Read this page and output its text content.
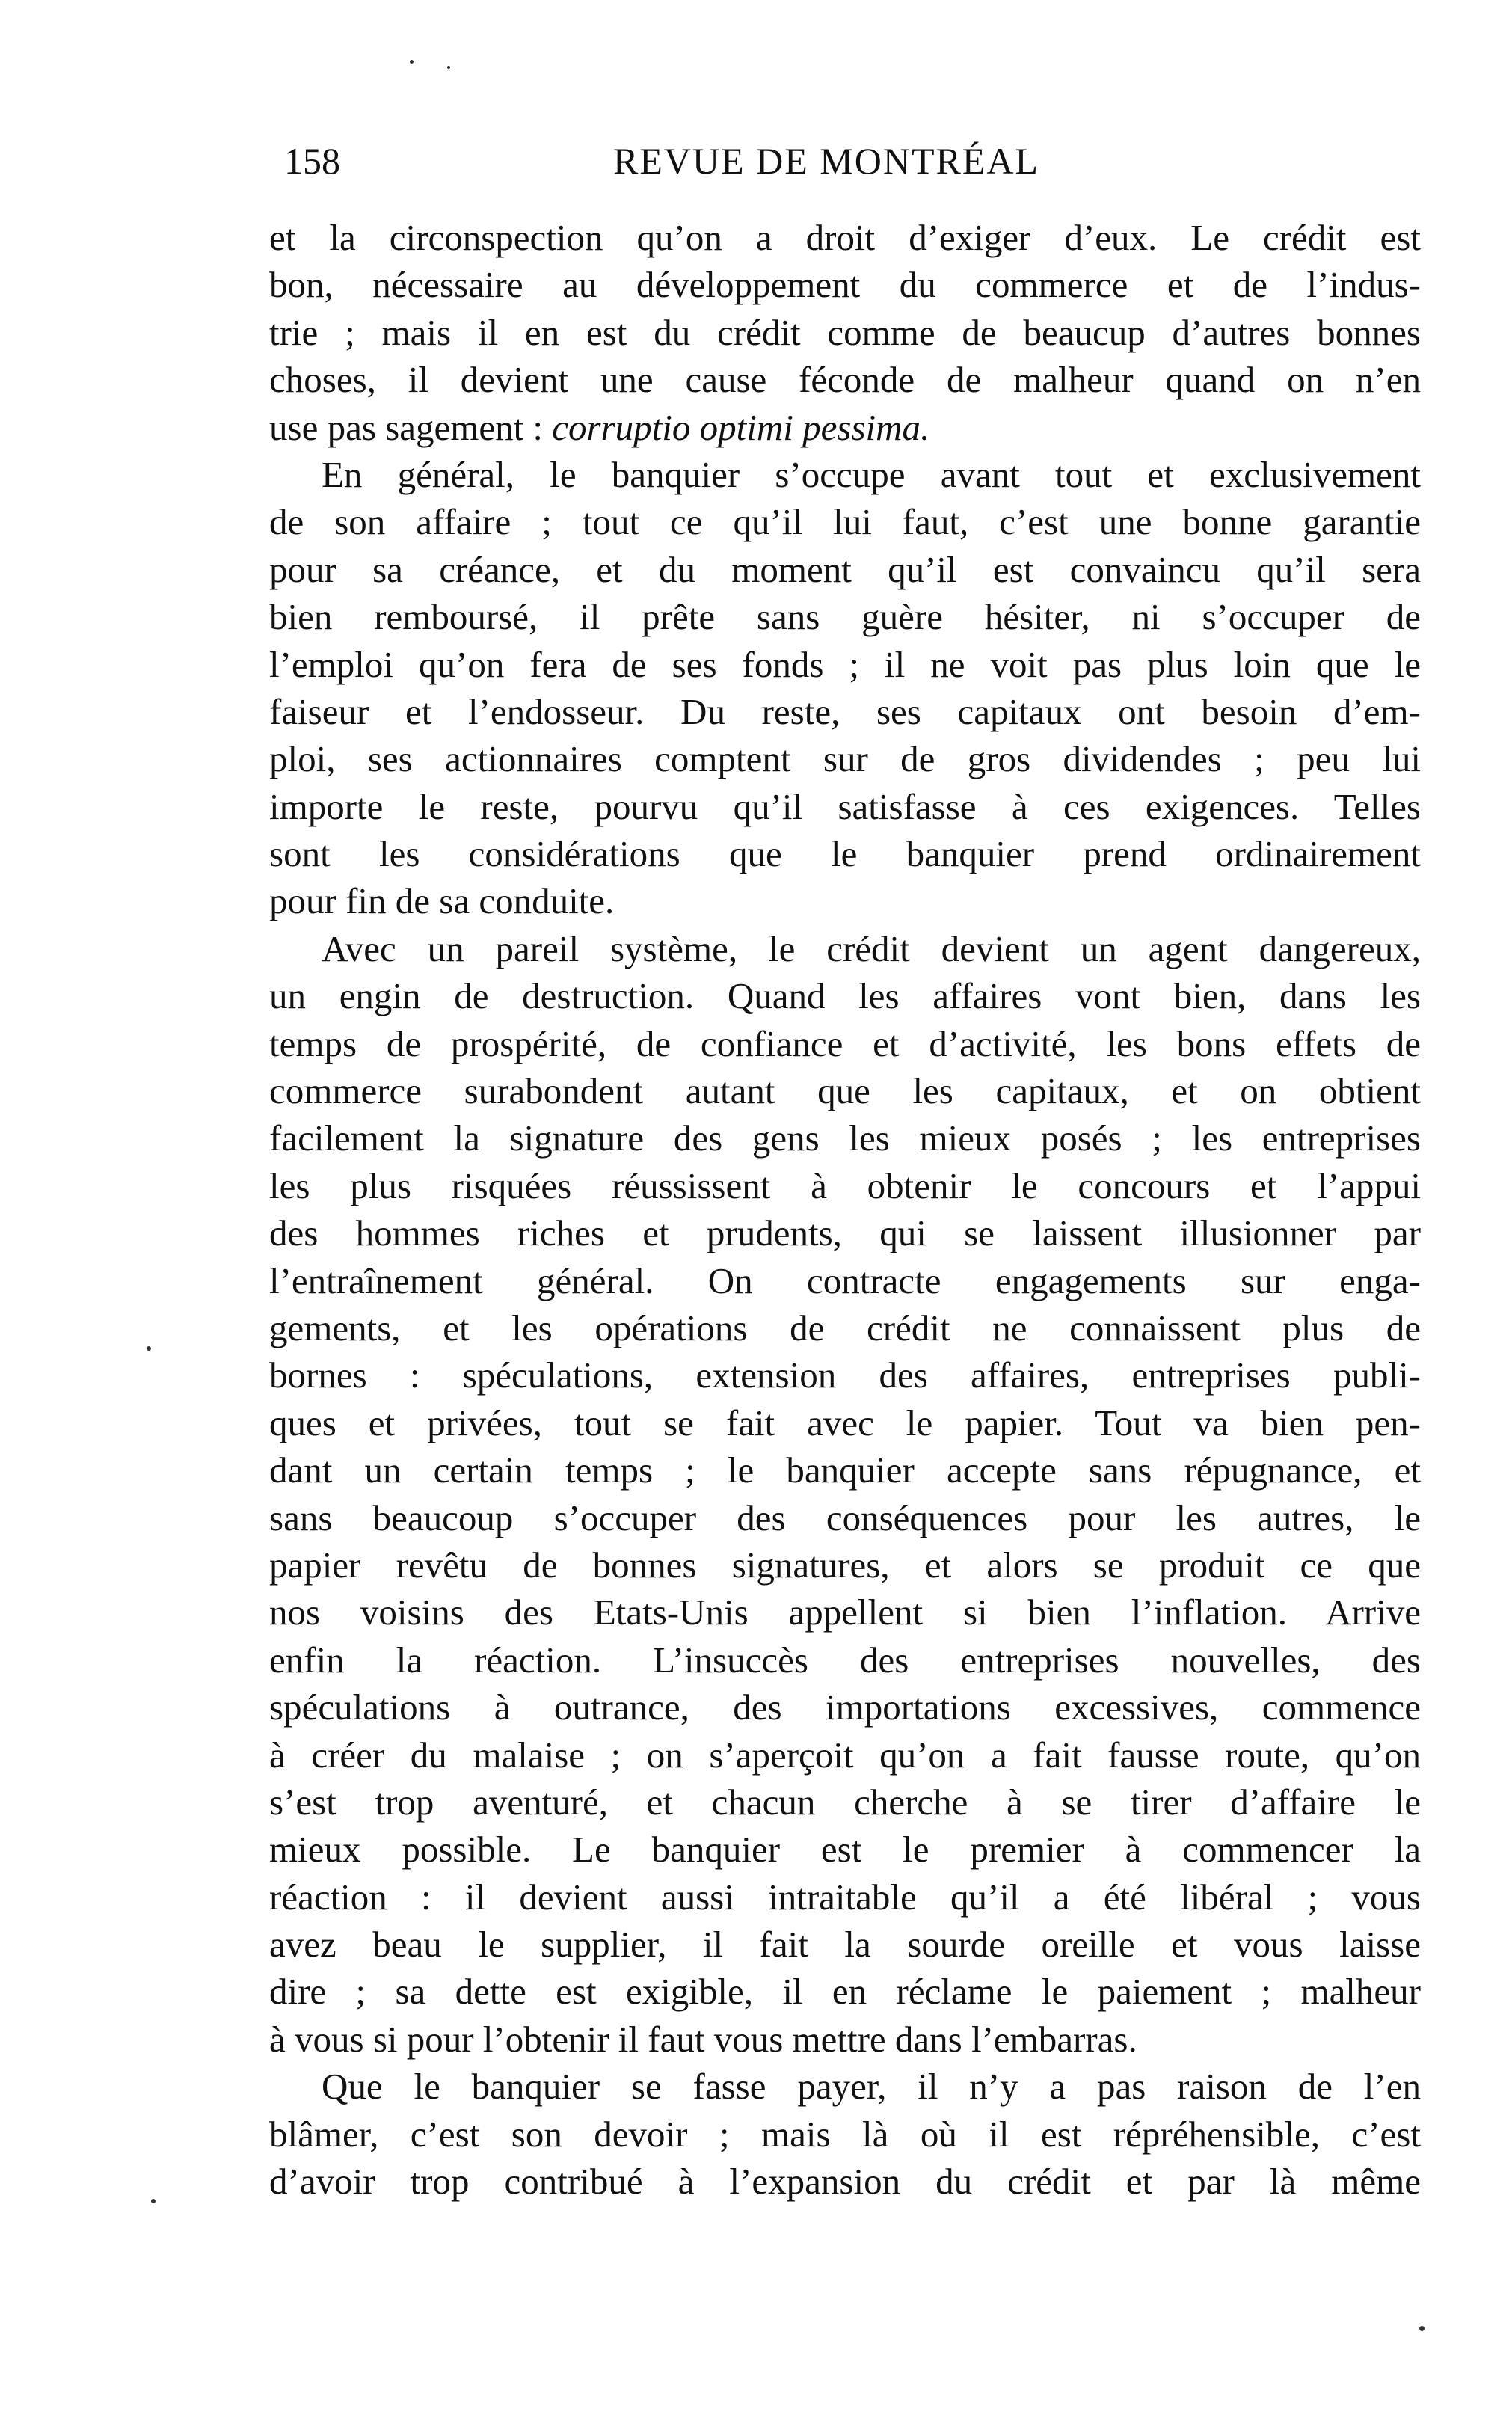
158	REVUE DE MONTRÉAL
et la circonspection qu’on a droit d’exiger d’eux. Le crédit est
bon, nécessaire au développement du commerce et de l’indus-
trie ; mais il en est du crédit comme de beaucup d’autres bonnes
choses, il devient une cause féconde de malheur quand on n’en
use pas sagement : corruptio optimi pessima.
En général, le banquier s’occupe avant tout et exclusivement
de son affaire ; tout ce qu’il lui faut, c’est une bonne garantie
pour sa créance, et du moment qu’il est convaincu qu’il sera
bien remboursé, il prête sans guère hésiter, ni s’occuper de
l’emploi qu’on fera de ses fonds ; il ne voit pas plus loin que le
faiseur et l’endosseur. Du reste, ses capitaux ont besoin d’em-
ploi, ses actionnaires comptent sur de gros dividendes ; peu lui
importe le reste, pourvu qu’il satisfasse à ces exigences. Telles
sont les considérations que le banquier prend ordinairement
pour fin de sa conduite.
Avec un pareil système, le crédit devient un agent dangereux,
un engin de destruction. Quand les affaires vont bien, dans les
temps de prospérité, de confiance et d’activité, les bons effets de
commerce surabondent autant que les capitaux, et on obtient
facilement la signature des gens les mieux posés ; les entreprises
les plus risquées réussissent à obtenir le concours et l’appui
des hommes riches et prudents, qui se laissent illusionner par
l’entraînement général. On contracte engagements sur enga-
gements, et les opérations de crédit ne connaissent plus de
bornes : spéculations, extension des affaires, entreprises publi-
ques et privées, tout se fait avec le papier. Tout va bien pen-
dant un certain temps ; le banquier accepte sans répugnance, et
sans beaucoup s’occuper des conséquences pour les autres, le
papier revêtu de bonnes signatures, et alors se produit ce que
nos voisins des Etats-Unis appellent si bien l’inflation. Arrive
enfin la réaction. L’insuccès des entreprises nouvelles, des
spéculations à outrance, des importations excessives, commence
à créer du malaise ; on s’aperçoit qu’on a fait fausse route, qu’on
s’est trop aventuré, et chacun cherche à se tirer d’affaire le
mieux possible. Le banquier est le premier à commencer la
réaction : il devient aussi intraitable qu’il a été libéral ; vous
avez beau le supplier, il fait la sourde oreille et vous laisse
dire ; sa dette est exigible, il en réclame le paiement ; malheur
à vous si pour l’obtenir il faut vous mettre dans l’embarras.
Que le banquier se fasse payer, il n’y a pas raison de l’en
blâmer, c’est son devoir ; mais là où il est répréhensible, c’est
d’avoir trop contribué à l’expansion du crédit et par là même
